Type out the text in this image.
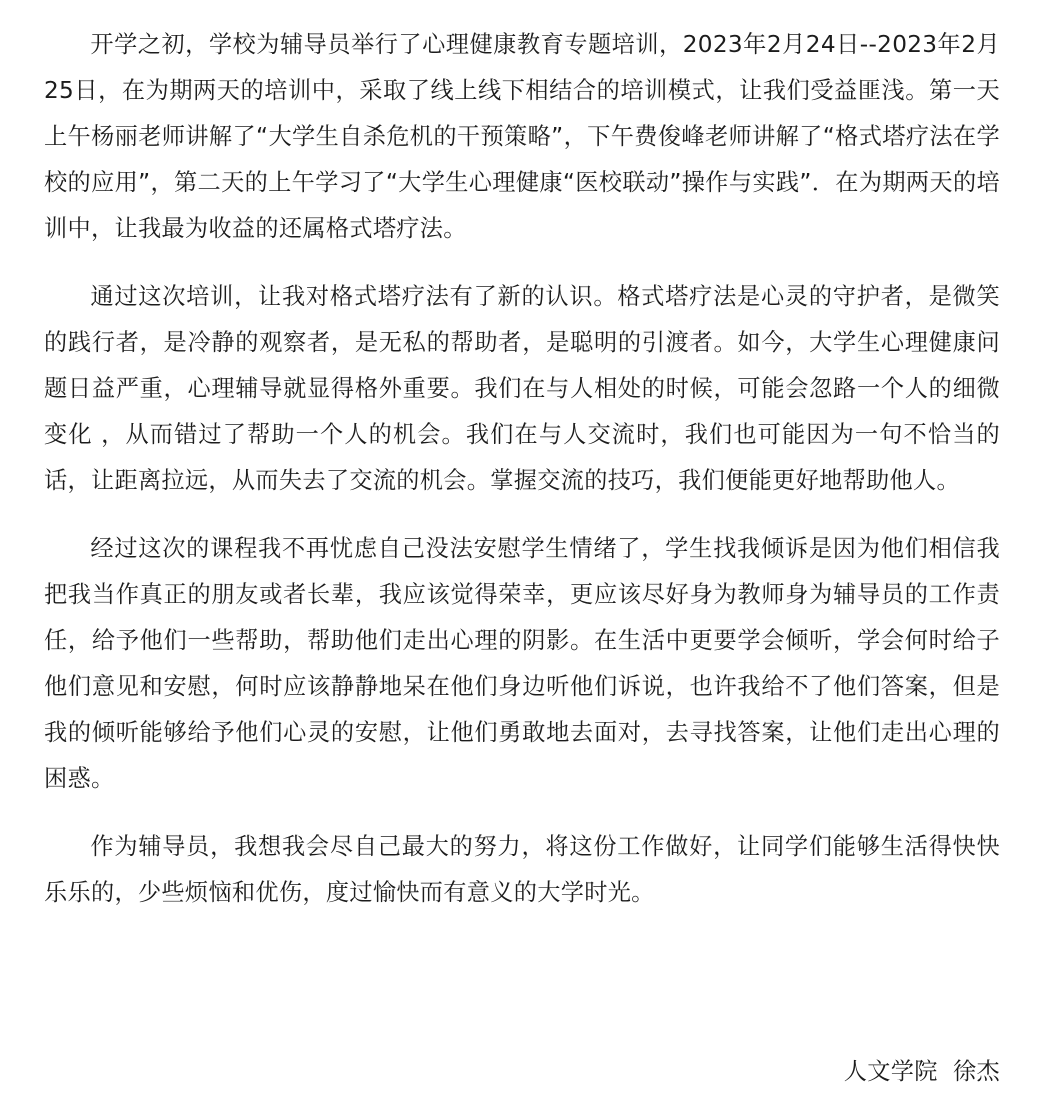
开学之初，学校为辅导员举行了心理健康教育专题培训，2023年2月24日--2023年2月25日，在为期两天的培训中，采取了线上线下相结合的培训模式，让我们受益匪浅。第一天上午杨丽老师讲解了“大学生自杀危机的干预策略”，下午费俊峰老师讲解了“格式塔疗法在学校的应用”，第二天的上午学习了“大学生心理健康“医校联动”操作与实践”．在为期两天的培训中，让我最为收益的还属格式塔疗法。

通过这次培训，让我对格式塔疗法有了新的认识。格式塔疗法是心灵的守护者，是微笑的践行者，是冷静的观察者，是无私的帮助者，是聪明的引渡者。如今，大学生心理健康问题日益严重，心理辅导就显得格外重要。我们在与人相处的时候，可能会忽路一个人的细微变化 ，从而错过了帮助一个人的机会。我们在与人交流时，我们也可能因为一句不恰当的话，让距离拉远，从而失去了交流的机会。掌握交流的技巧，我们便能更好地帮助他人。

经过这次的课程我不再忧虑自己没法安慰学生情绪了，学生找我倾诉是因为他们相信我把我当作真正的朋友或者长辈，我应该觉得荣幸，更应该尽好身为教师身为辅导员的工作责任，给予他们一些帮助，帮助他们走出心理的阴影。在生活中更要学会倾听，学会何时给子他们意见和安慰，何时应该静静地呆在他们身边听他们诉说，也许我给不了他们答案，但是我的倾听能够给予他们心灵的安慰，让他们勇敢地去面对，去寻找答案，让他们走出心理的困惑。

作为辅导员，我想我会尽自己最大的努力，将这份工作做好，让同学们能够生活得快快乐乐的，少些烦恼和优伤，度过愉快而有意义的大学时光。

人文学院  徐杰
